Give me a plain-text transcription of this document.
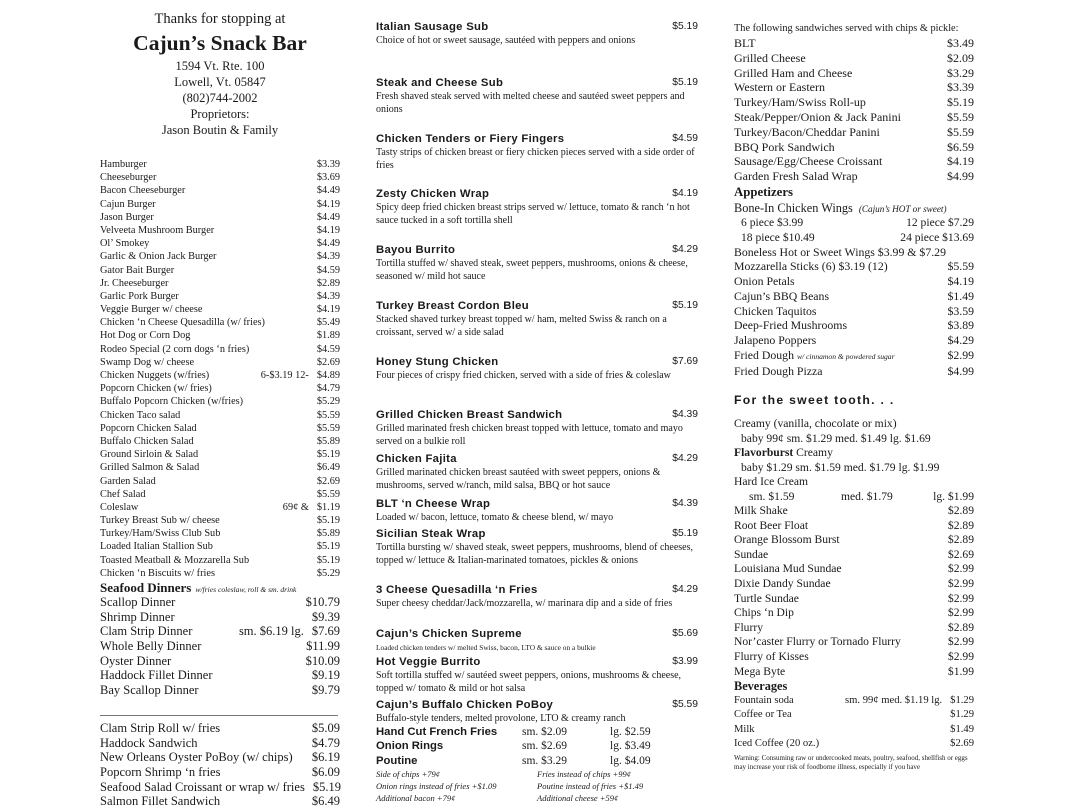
Thanks for stopping at
Cajun’s Snack Bar
1594 Vt. Rte. 100
Lowell, Vt. 05847
(802)744-2002
Proprietors:
Jason Boutin & Family
Hamburger	$3.39
Cheeseburger	$3.69
Bacon Cheeseburger	$4.49
Cajun Burger	$4.19
Jason Burger	$4.49
Velveeta Mushroom Burger	$4.19
Ol’ Smokey	$4.49
Garlic & Onion Jack Burger	$4.39
Gator Bait Burger	$4.59
Jr. Cheeseburger	$2.89
Garlic Pork Burger	$4.39
Veggie Burger w/ cheese	$4.19
Chicken ‘n Cheese Quesadilla (w/ fries)	$5.49
Hot Dog or Corn Dog	$1.89
Rodeo Special (2 corn dogs ‘n fries)	$4.59
Swamp Dog w/ cheese	$2.69
Chicken Nuggets (w/fries)	6-$3.19 12- $4.89
Popcorn Chicken (w/ fries)	$4.79
Buffalo Popcorn Chicken (w/fries)	$5.29
Chicken Taco salad	$5.59
Popcorn Chicken Salad	$5.59
Buffalo Chicken Salad	$5.89
Ground Sirloin & Salad	$5.19
Grilled Salmon & Salad	$6.49
Garden Salad	$2.69
Chef Salad	$5.59
Coleslaw	69¢ & $1.19
Turkey Breast Sub w/ cheese	$5.19
Turkey/Ham/Swiss Club Sub	$5.89
Loaded Italian Stallion Sub	$5.19
Toasted Meatball & Mozzarella Sub	$5.19
Chicken ‘n Biscuits w/ fries	$5.29
Seafood Dinners w/fries coleslaw, roll & sm. drink
Scallop Dinner	$10.79
Shrimp Dinner	$9.39
Clam Strip Dinner	sm. $6.19 lg. $7.69
Whole Belly Dinner	$11.99
Oyster Dinner	$10.09
Haddock Fillet Dinner	$9.19
Bay Scallop Dinner	$9.79
Clam Strip Roll w/ fries	$5.09
Haddock Sandwich	$4.79
New Orleans Oyster PoBoy (w/ chips) $6.19
Popcorn Shrimp ‘n fries	$6.09
Seafood Salad Croissant or wrap w/ fries $5.19
Salmon Fillet Sandwich	$6.49
Italian Sausage Sub	$5.19
Choice of hot or sweet sausage, sautéed with peppers and onions
Steak and Cheese Sub	$5.19
Fresh shaved steak served with melted cheese and sautéed sweet peppers and onions
Chicken Tenders or Fiery Fingers	$4.59
Tasty strips of chicken breast or fiery chicken pieces served with a side order of fries
Zesty Chicken Wrap	$4.19
Spicy deep fried chicken breast strips served w/ lettuce, tomato & ranch ‘n hot sauce tucked in a soft tortilla shell
Bayou Burrito	$4.29
Tortilla stuffed w/ shaved steak, sweet peppers, mushrooms, onions & cheese, seasoned w/ mild hot sauce
Turkey Breast Cordon Bleu	$5.19
Stacked shaved turkey breast topped w/ ham, melted Swiss & ranch on a croissant, served w/ a side salad
Honey Stung Chicken	$7.69
Four pieces of crispy fried chicken, served with a side of fries & coleslaw
Grilled Chicken Breast Sandwich	$4.39
Grilled marinated fresh chicken breast topped with lettuce, tomato and mayo served on a bulkie roll
Chicken Fajita	$4.29
Grilled marinated chicken breast sautéed with sweet peppers, onions & mushrooms, served w/ranch, mild salsa, BBQ or hot sauce
BLT ‘n Cheese Wrap	$4.39
Loaded w/ bacon, lettuce, tomato & cheese blend, w/ mayo
Sicilian Steak Wrap	$5.19
Tortilla bursting w/ shaved steak, sweet peppers, mushrooms, blend of cheeses, topped w/ lettuce & Italian-marinated tomatoes, pickles & onions
3 Cheese Quesadilla ‘n Fries	$4.29
Super cheesy cheddar/Jack/mozzarella, w/ marinara dip and a side of fries
Cajun’s Chicken Supreme	$5.69
Loaded chicken tenders w/ melted Swiss, bacon, LTO & sauce on a bulkie
Hot Veggie Burrito	$3.99
Soft tortilla stuffed w/ sautéed sweet peppers, onions, mushrooms & cheese, topped w/ tomato & mild or hot salsa
Cajun’s Buffalo Chicken PoBoy	$5.59
Buffalo-style tenders, melted provolone, LTO & creamy ranch
Hand Cut French Fries	sm. $2.09	lg. $2.59
Onion Rings	sm. $2.69	lg. $3.49
Poutine	sm. $3.29	lg. $4.09
Side of chips +79¢	Fries instead of chips +99¢
Onion rings instead of fries +$1.09	Poutine instead of fries +$1.49
Additional bacon +79¢	Additional cheese +59¢
The following sandwiches served with chips & pickle:
BLT	$3.49
Grilled Cheese	$2.09
Grilled Ham and Cheese	$3.29
Western or Eastern	$3.39
Turkey/Ham/Swiss Roll-up	$5.19
Steak/Pepper/Onion & Jack Panini	$5.59
Turkey/Bacon/Cheddar Panini	$5.59
BBQ Pork Sandwich	$6.59
Sausage/Egg/Cheese Croissant	$4.19
Garden Fresh Salad Wrap	$4.99
Appetizers
Bone-In Chicken Wings (Cajun’s HOT or sweet)
6 piece $3.99	12 piece $7.29
18 piece $10.49	24 piece $13.69
Boneless Hot or Sweet Wings $3.99 & $7.29
Mozzarella Sticks (6) $3.19 (12)	$5.59
Onion Petals	$4.19
Cajun’s BBQ Beans	$1.49
Chicken Taquitos	$3.59
Deep-Fried Mushrooms	$3.89
Jalapeno Poppers	$4.29
Fried Dough w/ cinnamon & powdered sugar	$2.99
Fried Dough Pizza	$4.99
For the sweet tooth. . .
Creamy (vanilla, chocolate or mix)
baby 99¢ sm. $1.29 med. $1.49 lg. $1.69
Flavorburst Creamy
baby $1.29 sm. $1.59 med. $1.79 lg. $1.99
Hard Ice Cream
sm. $1.59	med. $1.79	lg. $1.99
Milk Shake	$2.89
Root Beer Float	$2.89
Orange Blossom Burst	$2.89
Sundae	$2.69
Louisiana Mud Sundae	$2.99
Dixie Dandy Sundae	$2.99
Turtle Sundae	$2.99
Chips ‘n Dip	$2.99
Flurry	$2.89
Nor’caster Flurry or Tornado Flurry	$2.99
Flurry of Kisses	$2.99
Mega Byte	$1.99
Beverages
Fountain soda	sm. 99¢ med. $1.19 lg. $1.29
Coffee or Tea	$1.29
Milk	$1.49
Iced Coffee (20 oz.)	$2.69
Warning: Consuming raw or undercooked meats, poultry, seafood, shellfish or eggs may increase your risk of foodborne illness, especially if you have
